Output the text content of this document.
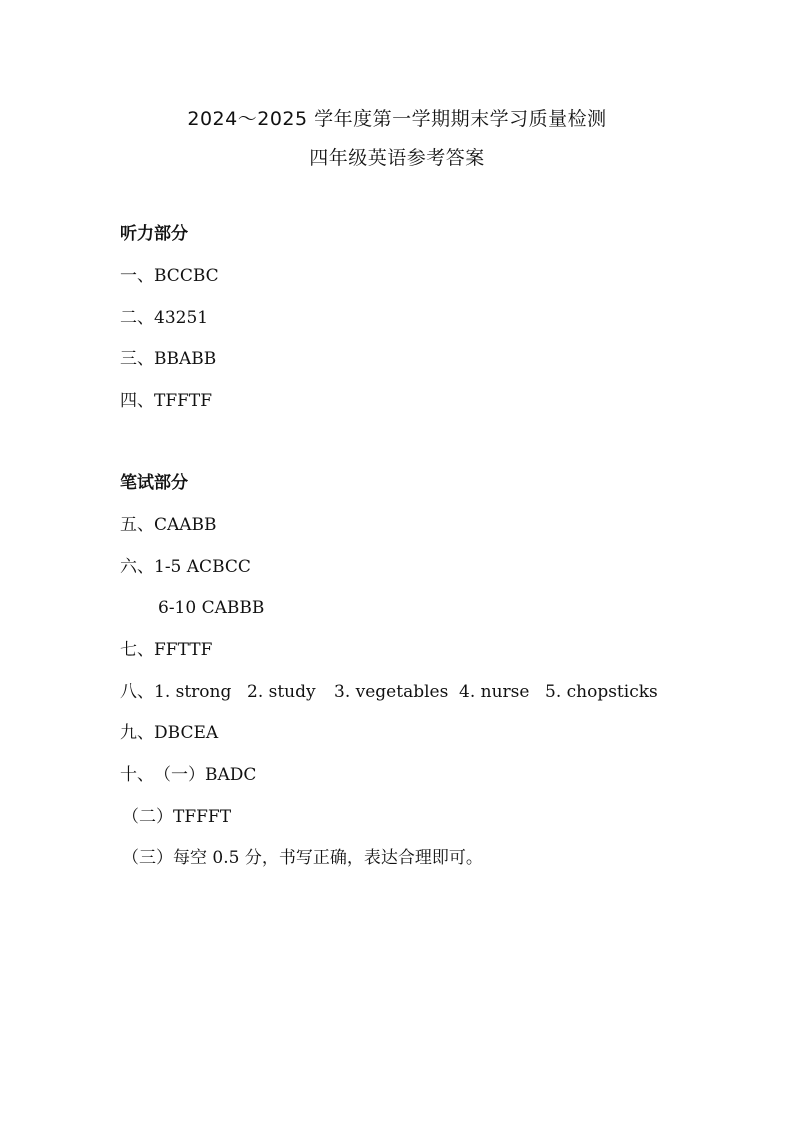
2024～2025 学年度第一学期期末学习质量检测
四年级英语参考答案
听力部分
一、BCCBC
二、43251
三、BBABB
四、TFFTF
笔试部分
五、CAABB
六、1-5 ACBCC
6-10 CABBB
七、FFTTF
八、1. strong 2. study 3. vegetables 4. nurse 5. chopsticks
九、DBCEA
十、（一）BADC
（二）TFFFT
（三）每空 0.5 分，书写正确，表达合理即可。
